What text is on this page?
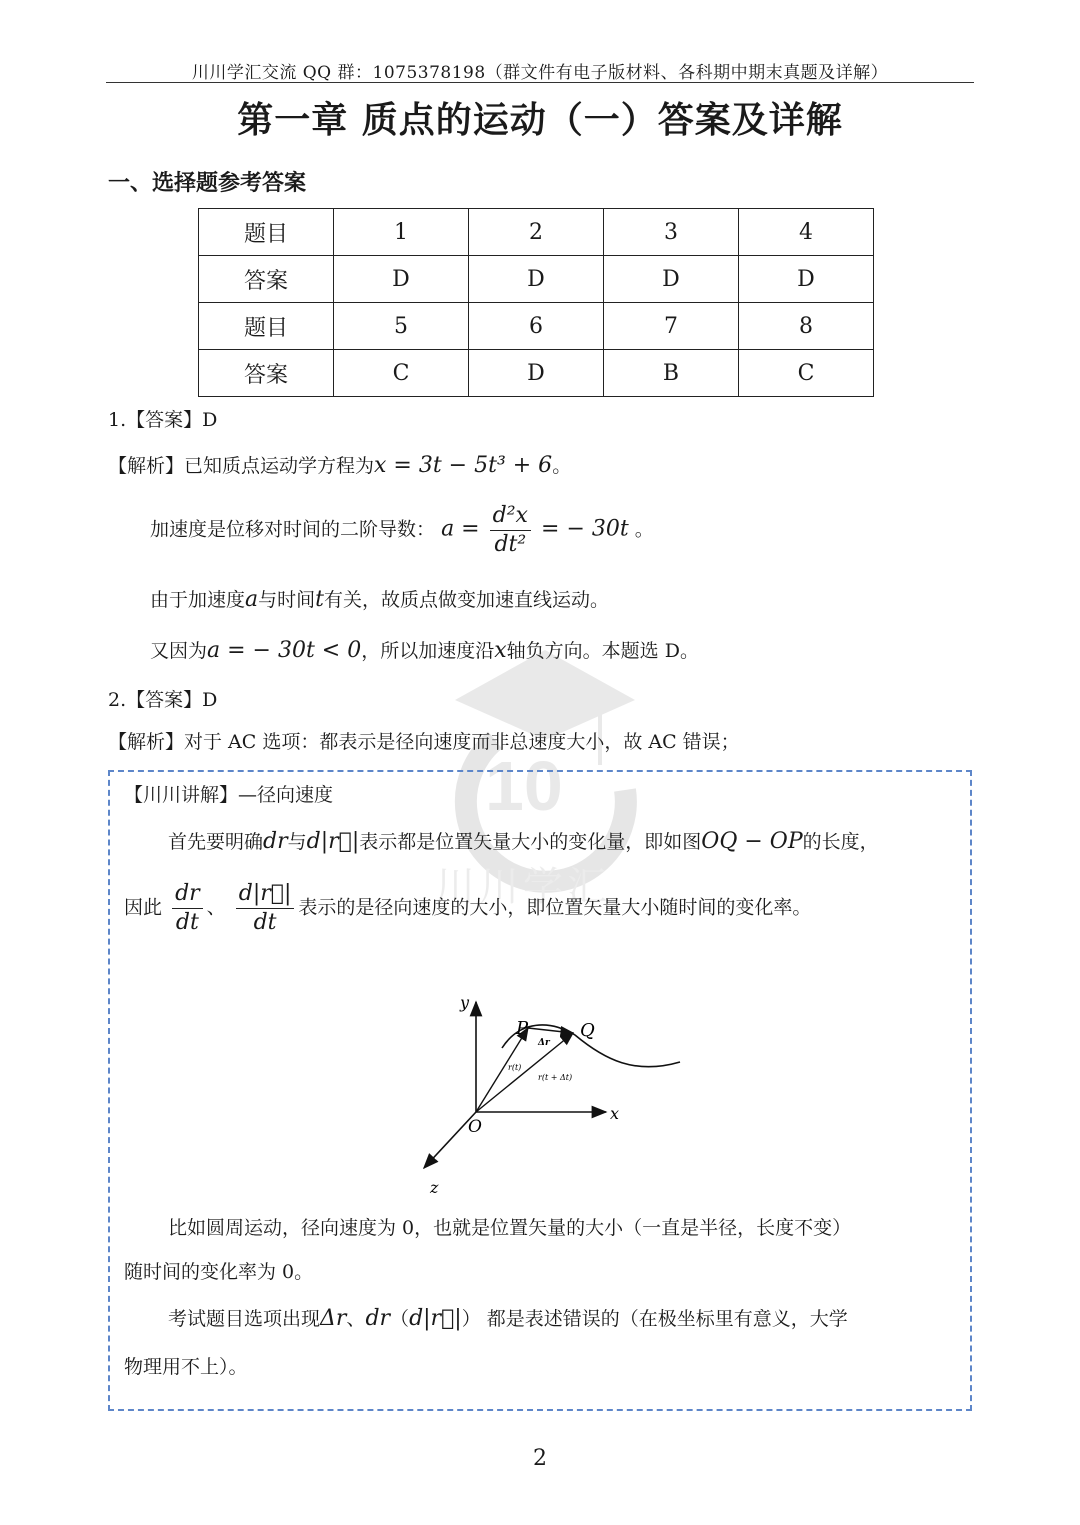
川川学汇交流 QQ 群：1075378198（群文件有电子版材料、各科期中期末真题及详解）
第一章 质点的运动（一）答案及详解
一、选择题参考答案
题目	1	2	3	4
答案	D	D	D	D
题目	5	6	7	8
答案	C	D	B	C
1.【答案】D
【解析】已知质点运动学方程为x = 3t − 5t³ + 6。
加速度是位移对时间的二阶导数： $a = \frac{\text{d²x}}{\text{dt²}}$ = − 30t 。
由于加速度a与时间t有关，故质点做变加速直线运动。
又因为a = − 30t < 0，所以加速度沿x轴负方向。本题选 D。
2.【答案】D
【解析】对于 AC 选项：都表示是径向速度而非总速度大小，故 AC 错误；
10
川川学汇
【川川讲解】—径向速度
首先要明确dr与d|r⃗|表示都是位置矢量大小的变化量，即如图OQ − OP的长度，
因此 $\frac{dr}{dt}$ 、 $\frac{d|r⃗|}{dt}$ 表示的是径向速度的大小，即位置矢量大小随时间的变化率。
y
x
z
O
P	Q
Δr
r(t)
r(t + Δt)
比如圆周运动，径向速度为 0，也就是位置矢量的大小（一直是半径，长度不变）
随时间的变化率为 0。
考试题目选项出现Δr、dr（d|r⃗|） 都是表述错误的（在极坐标里有意义，大学
物理用不上）。
2
